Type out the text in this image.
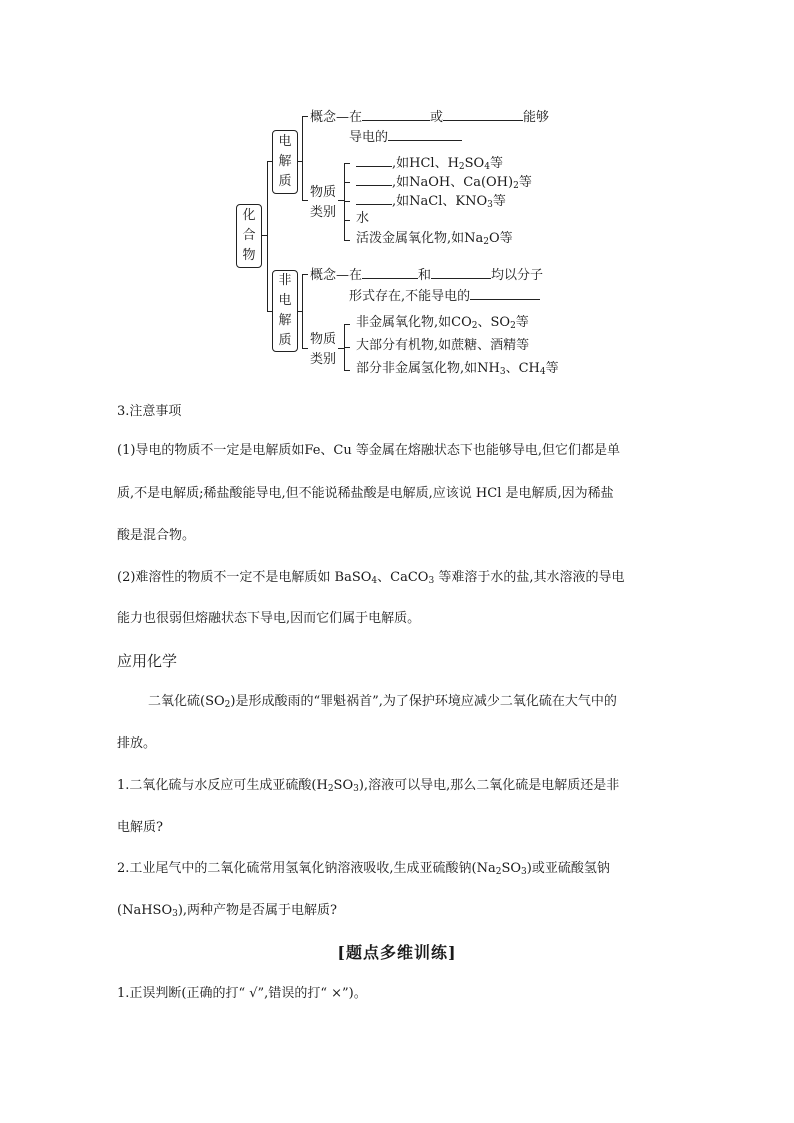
化
合
物
电
解
质
概念—在	或	能够
导电的
物质
类别
,如HCl、$H_2SO_4$等
,如NaOH、$Ca(OH)_2$等
,如NaCl、$KNO_3$等
水
活泼金属氧化物,如$Na_2O$等
非
电
解
质
概念—在	和	均以分子
形式存在,不能导电的
物质
类别
非金属氧化物,如$CO_2$、$SO_2$等
大部分有机物,如蔗糖、酒精等
部分非金属氢化物,如$NH_3$、$CH_4$等
3.注意事项
(1)导电的物质不一定是电解质如Fe、Cu 等金属在熔融状态下也能够导电,但它们都是单
质,不是电解质;稀盐酸能导电,但不能说稀盐酸是电解质,应该说 HCl 是电解质,因为稀盐
酸是混合物。
(2)难溶性的物质不一定不是电解质如 BaSO$_4$、CaCO$_3$ 等难溶于水的盐,其水溶液的导电
能力也很弱但熔融状态下导电,因而它们属于电解质。
应用化学
二氧化硫$(SO_2)$是形成酸雨的“罪魁祸首”,为了保护环境应减少二氧化硫在大气中的
排放。
1.二氧化硫与水反应可生成亚硫酸$(H_2SO_3)$,溶液可以导电,那么二氧化硫是电解质还是非
电解质?
2.工业尾气中的二氧化硫常用氢氧化钠溶液吸收,生成亚硫酸钠$(Na_2SO_3)$或亚硫酸氢钠
(NaHSO$_3$),两种产物是否属于电解质?
[题点多维训练]
1.正误判断(正确的打“ √”,错误的打“ ×”)。
